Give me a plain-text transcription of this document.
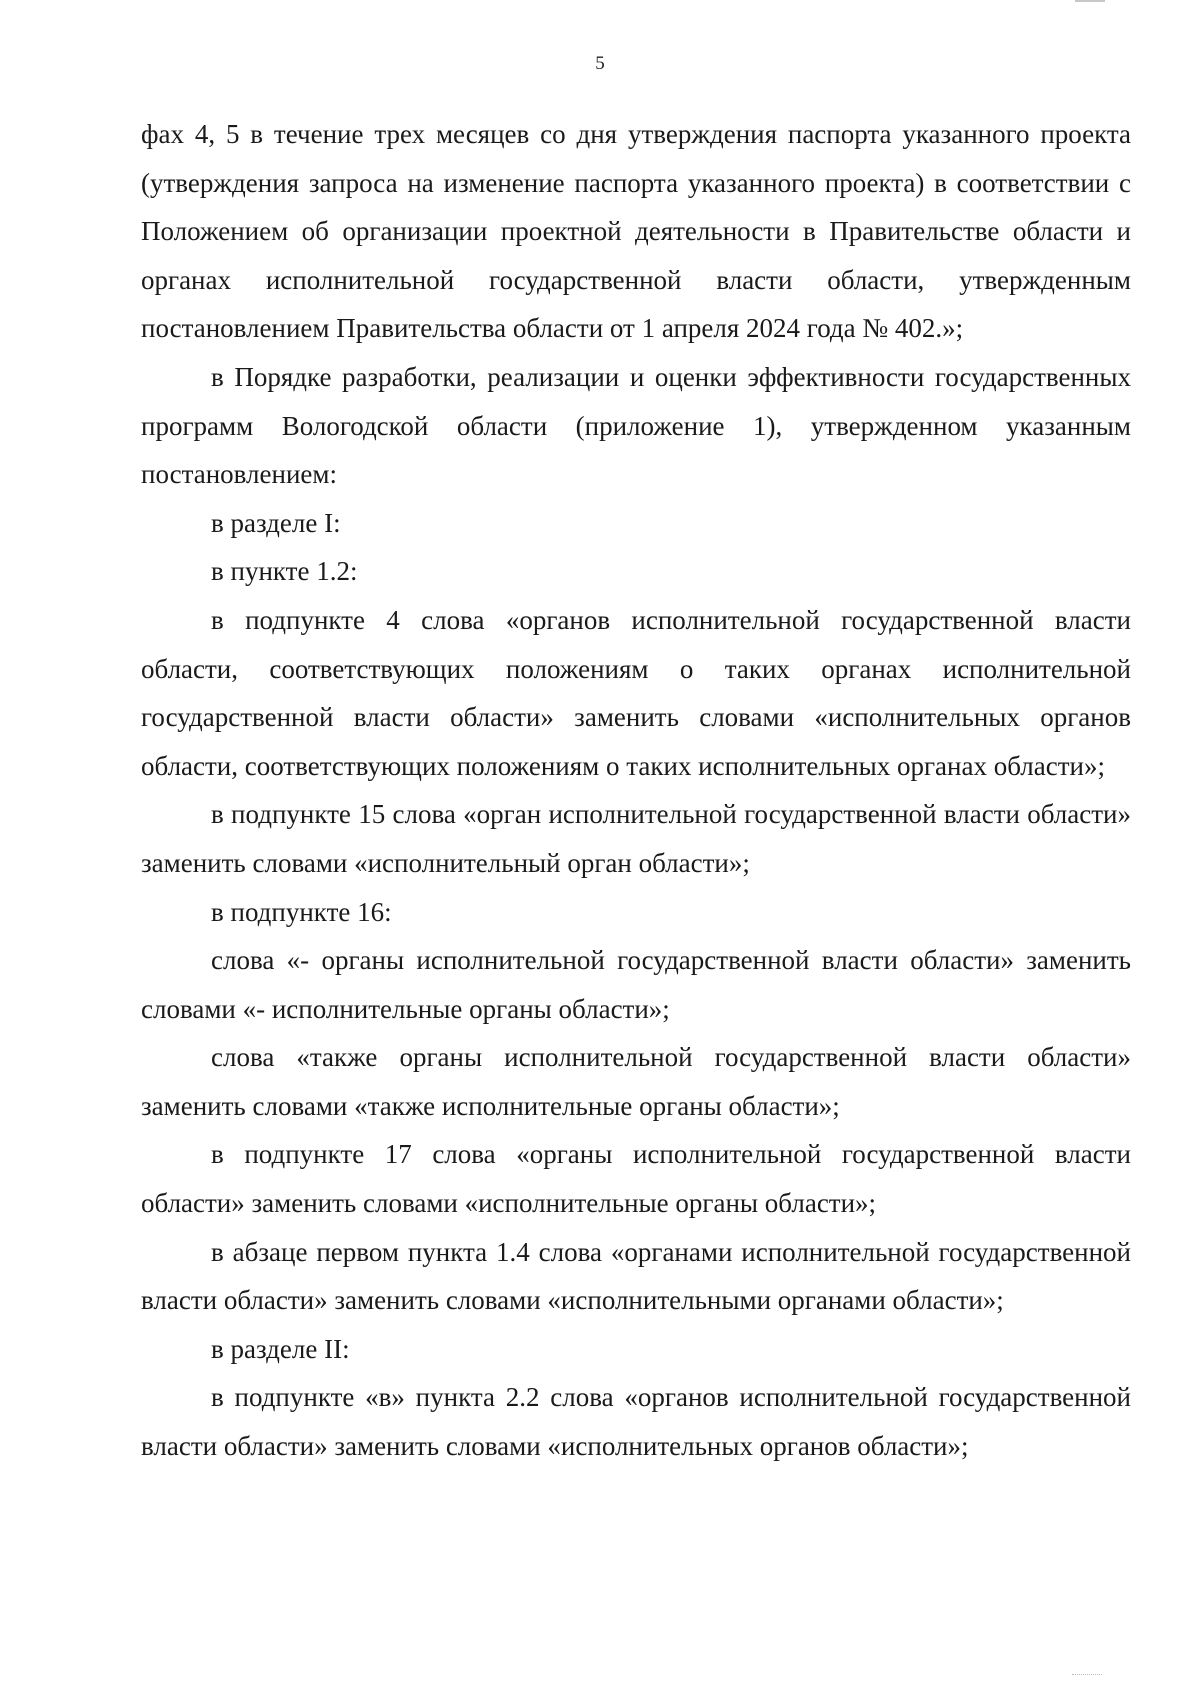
5

фах 4, 5 в течение трех месяцев со дня утверждения паспорта указанного проекта (утверждения запроса на изменение паспорта указанного проекта) в соответствии с Положением об организации проектной деятельности в Правительстве области и органах исполнительной государственной власти области, утвержденным постановлением Правительства области от 1 апреля 2024 года № 402.»;

в Порядке разработки, реализации и оценки эффективности государственных программ Вологодской области (приложение 1), утвержденном указанным постановлением:

в разделе I:

в пункте 1.2:

в подпункте 4 слова «органов исполнительной государственной власти области, соответствующих положениям о таких органах исполнительной государственной власти области» заменить словами «исполнительных органов области, соответствующих положениям о таких исполнительных органах области»;

в подпункте 15 слова «орган исполнительной государственной власти области» заменить словами «исполнительный орган области»;

в подпункте 16:

слова «- органы исполнительной государственной власти области» заменить словами «- исполнительные органы области»;

слова «также органы исполнительной государственной власти области» заменить словами «также исполнительные органы области»;

в подпункте 17 слова «органы исполнительной государственной власти области» заменить словами «исполнительные органы области»;

в абзаце первом пункта 1.4 слова «органами исполнительной государственной власти области» заменить словами «исполнительными органами области»;

в разделе II:

в подпункте «в» пункта 2.2 слова «органов исполнительной государственной власти области» заменить словами «исполнительных органов области»;
